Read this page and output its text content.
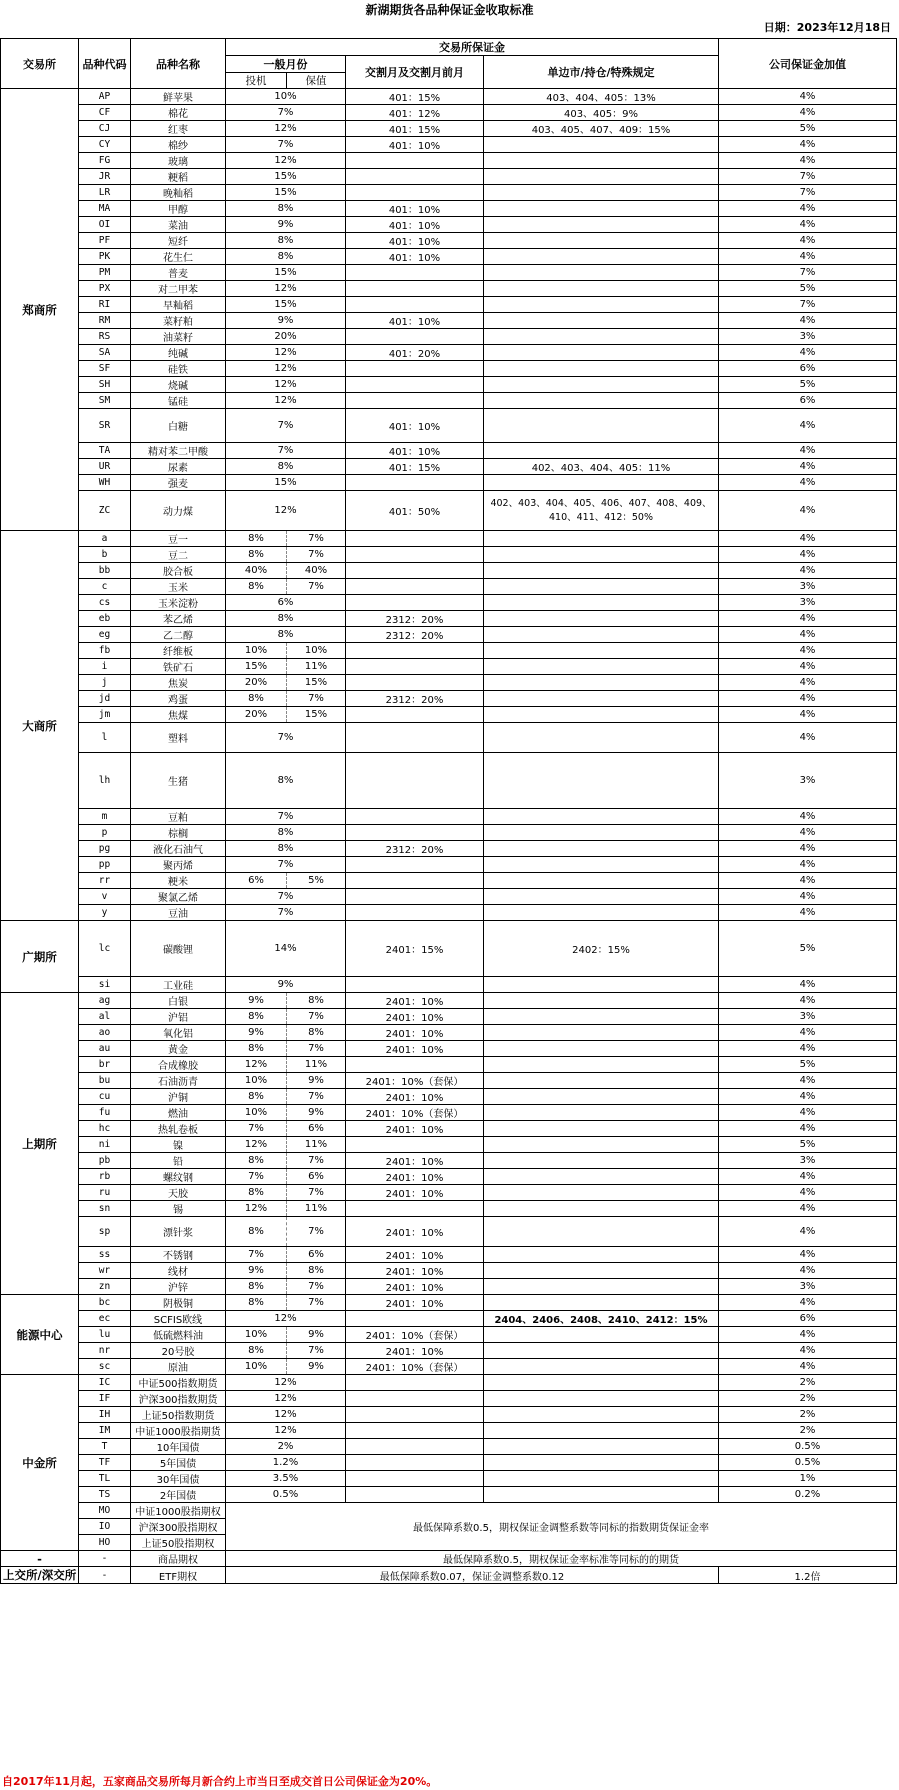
新湖期货各品种保证金收取标准
日期：2023年12月18日
交易所	品种代码	品种名称	交易所保证金				公司保证金加值
			一般月份		交割月及交割月前月	单边市/持仓/特殊规定	
			投机	保值			
郑商所	AP	鲜苹果	10%		401：15%	403、404、405：13%	4%
	CF	棉花	7%		401：12%	403、405：9%	4%
	CJ	红枣	12%		401：15%	403、405、407、409：15%	5%
	CY	棉纱	7%		401：10%		4%
	FG	玻璃	12%				4%
	JR	粳稻	15%				7%
	LR	晚籼稻	15%				7%
	MA	甲醇	8%		401：10%		4%
	OI	菜油	9%		401：10%		4%
	PF	短纤	8%		401：10%		4%
	PK	花生仁	8%		401：10%		4%
	PM	普麦	15%				7%
	PX	对二甲苯	12%				5%
	RI	早籼稻	15%				7%
	RM	菜籽粕	9%		401：10%		4%
	RS	油菜籽	20%				3%
	SA	纯碱	12%		401：20%		4%
	SF	硅铁	12%				6%
	SH	烧碱	12%				5%
	SM	锰硅	12%				6%
	SR	白糖	7%		401：10%		4%
	TA	精对苯二甲酸	7%		401：10%		4%
	UR	尿素	8%		401：15%	402、403、404、405：11%	4%
	WH	强麦	15%				4%
	ZC	动力煤	12%		401：50%	402、403、404、405、406、407、408、409、410、411、412：50%	4%
大商所	a	豆一	8%	7%			4%
	b	豆二	8%	7%			4%
	bb	胶合板	40%	40%			4%
	c	玉米	8%	7%			3%
	cs	玉米淀粉	6%				3%
	eb	苯乙烯	8%		2312：20%		4%
	eg	乙二醇	8%		2312：20%		4%
	fb	纤维板	10%	10%			4%
	i	铁矿石	15%	11%			4%
	j	焦炭	20%	15%			4%
	jd	鸡蛋	8%	7%	2312：20%		4%
	jm	焦煤	20%	15%			4%
	l	塑料	7%				4%
	lh	生猪	8%				3%
	m	豆粕	7%				4%
	p	棕榈	8%				4%
	pg	液化石油气	8%		2312：20%		4%
	pp	聚丙烯	7%				4%
	rr	粳米	6%	5%			4%
	v	聚氯乙烯	7%				4%
	y	豆油	7%				4%
广期所	lc	碳酸锂	14%		2401：15%	2402：15%	5%
	si	工业硅	9%				4%
上期所	ag	白银	9%	8%	2401：10%		4%
	al	沪铝	8%	7%	2401：10%		3%
	ao	氧化铝	9%	8%	2401：10%		4%
	au	黄金	8%	7%	2401：10%		4%
	br	合成橡胶	12%	11%			5%
	bu	石油沥青	10%	9%	2401：10%（套保）		4%
	cu	沪铜	8%	7%	2401：10%		4%
	fu	燃油	10%	9%	2401：10%（套保）		4%
	hc	热轧卷板	7%	6%	2401：10%		4%
	ni	镍	12%	11%			5%
	pb	铅	8%	7%	2401：10%		3%
	rb	螺纹钢	7%	6%	2401：10%		4%
	ru	天胶	8%	7%	2401：10%		4%
	sn	锡	12%	11%			4%
	sp	漂针浆	8%	7%	2401：10%		4%
	ss	不锈钢	7%	6%	2401：10%		4%
	wr	线材	9%	8%	2401：10%		4%
	zn	沪锌	8%	7%	2401：10%		3%
能源中心	bc	阴极铜	8%	7%	2401：10%		4%
	ec	SCFIS欧线	12%			2404、2406、2408、2410、2412：15%	6%
	lu	低硫燃料油	10%	9%	2401：10%（套保）		4%
	nr	20号胶	8%	7%	2401：10%		4%
	sc	原油	10%	9%	2401：10%（套保）		4%
中金所	IC	中证500指数期货	12%				2%
	IF	沪深300指数期货	12%				2%
	IH	上证50指数期货	12%				2%
	IM	中证1000股指期货	12%				2%
	T	10年国债	2%				0.5%
	TF	5年国债	1.2%				0.5%
	TL	30年国债	3.5%				1%
	TS	2年国债	0.5%				0.2%
	MO	中证1000股指期权	最低保障系数0.5，期权保证金调整系数等同标的指数期货保证金率				
	IO	沪深300股指期权					
	HO	上证50股指期权					
-	-	商品期权	最低保障系数0.5，期权保证金率标准等同标的的期货				
上交所/深交所	-	ETF期权	最低保障系数0.07，保证金调整系数0.12				1.2倍
自2017年11月起，五家商品交易所每月新合约上市当日至成交首日公司保证金为20%。
